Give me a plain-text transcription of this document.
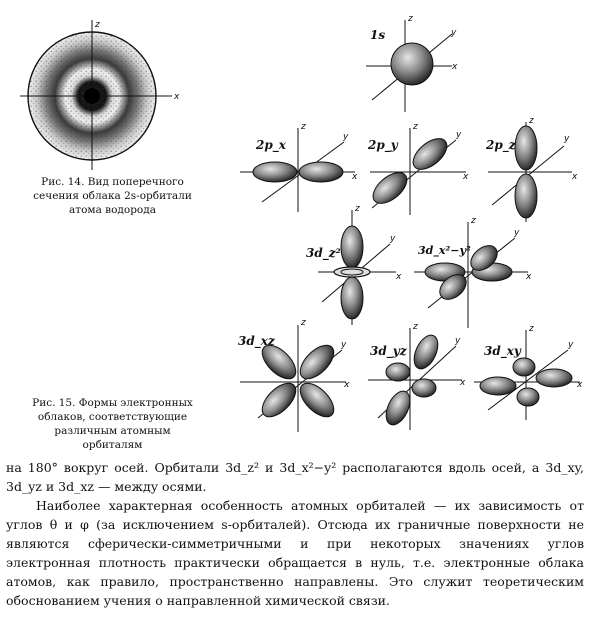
z
x
z
y
x
z
y
x
z
y
x
z
y
x
z
y
x
z
y
x
z
y
x
z
y
x
z
y
x
1s
2p_x	2p_y	2p_z
3d_z²	3d_x²−y²
3d_xz
3d_yz	3d_xy
Рис. 14. Вид поперечного сечения облака 2s-орбитали атома водорода
Рис. 15. Формы электронных облаков, соответствующие различным атомным орбиталям

на 180° вокруг осей. Орбитали 3d_z² и 3d_x²−y² располагаются вдоль осей, а 3d_xy, 3d_yz и 3d_xz — между осями.

Наиболее характерная особенность атомных орбиталей — их зависимость от углов θ и φ (за исключением s-орбиталей). Отсюда их граничные поверхности не являются сферически-симметричными и при некоторых значениях углов электронная плотность практически обращается в нуль, т.е. электронные облака атомов, как правило, пространственно направлены. Это служит теоретическим обоснованием учения о направленной химической связи.
